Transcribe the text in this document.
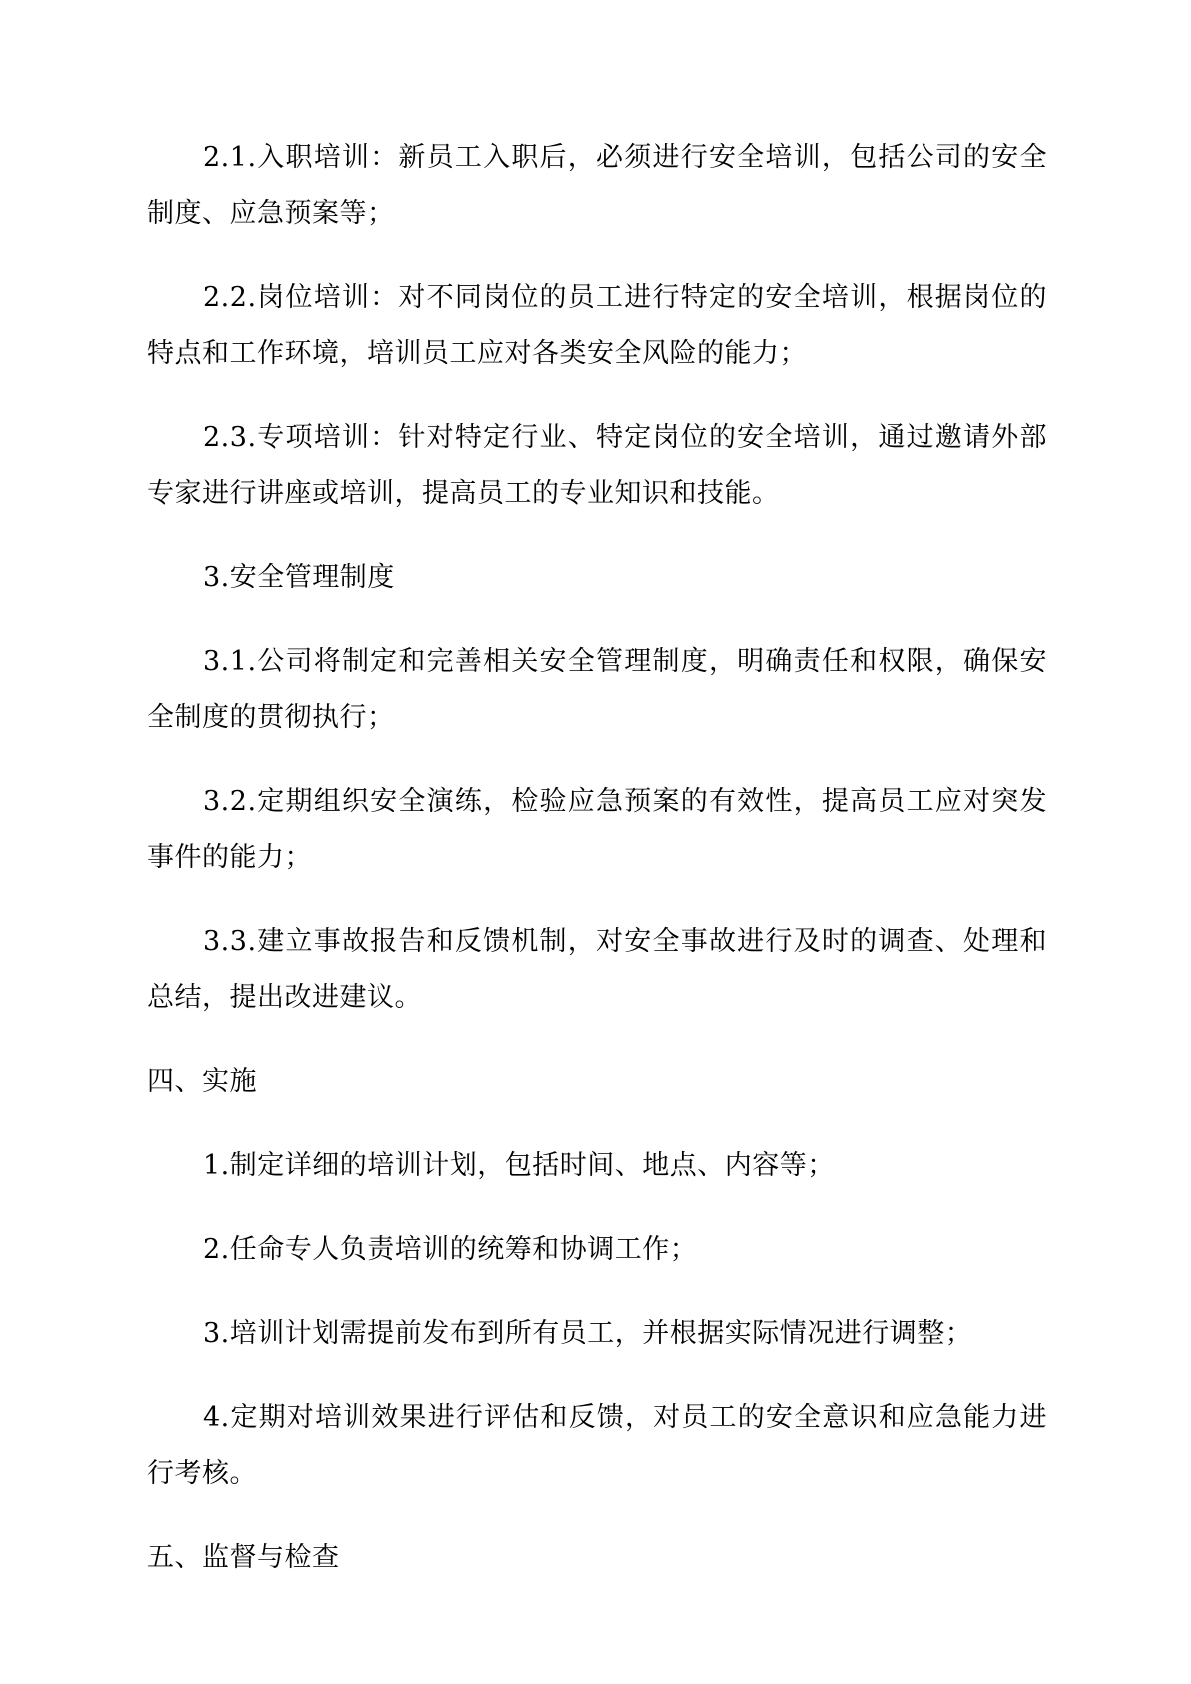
2.1.入职培训：新员工入职后，必须进行安全培训，包括公司的安全制度、应急预案等；

2.2.岗位培训：对不同岗位的员工进行特定的安全培训，根据岗位的特点和工作环境，培训员工应对各类安全风险的能力；

2.3.专项培训：针对特定行业、特定岗位的安全培训，通过邀请外部专家进行讲座或培训，提高员工的专业知识和技能。

3.安全管理制度

3.1.公司将制定和完善相关安全管理制度，明确责任和权限，确保安全制度的贯彻执行；

3.2.定期组织安全演练，检验应急预案的有效性，提高员工应对突发事件的能力；

3.3.建立事故报告和反馈机制，对安全事故进行及时的调查、处理和总结，提出改进建议。

四、实施

1.制定详细的培训计划，包括时间、地点、内容等；

2.任命专人负责培训的统筹和协调工作；

3.培训计划需提前发布到所有员工，并根据实际情况进行调整；

4.定期对培训效果进行评估和反馈，对员工的安全意识和应急能力进行考核。

五、监督与检查
